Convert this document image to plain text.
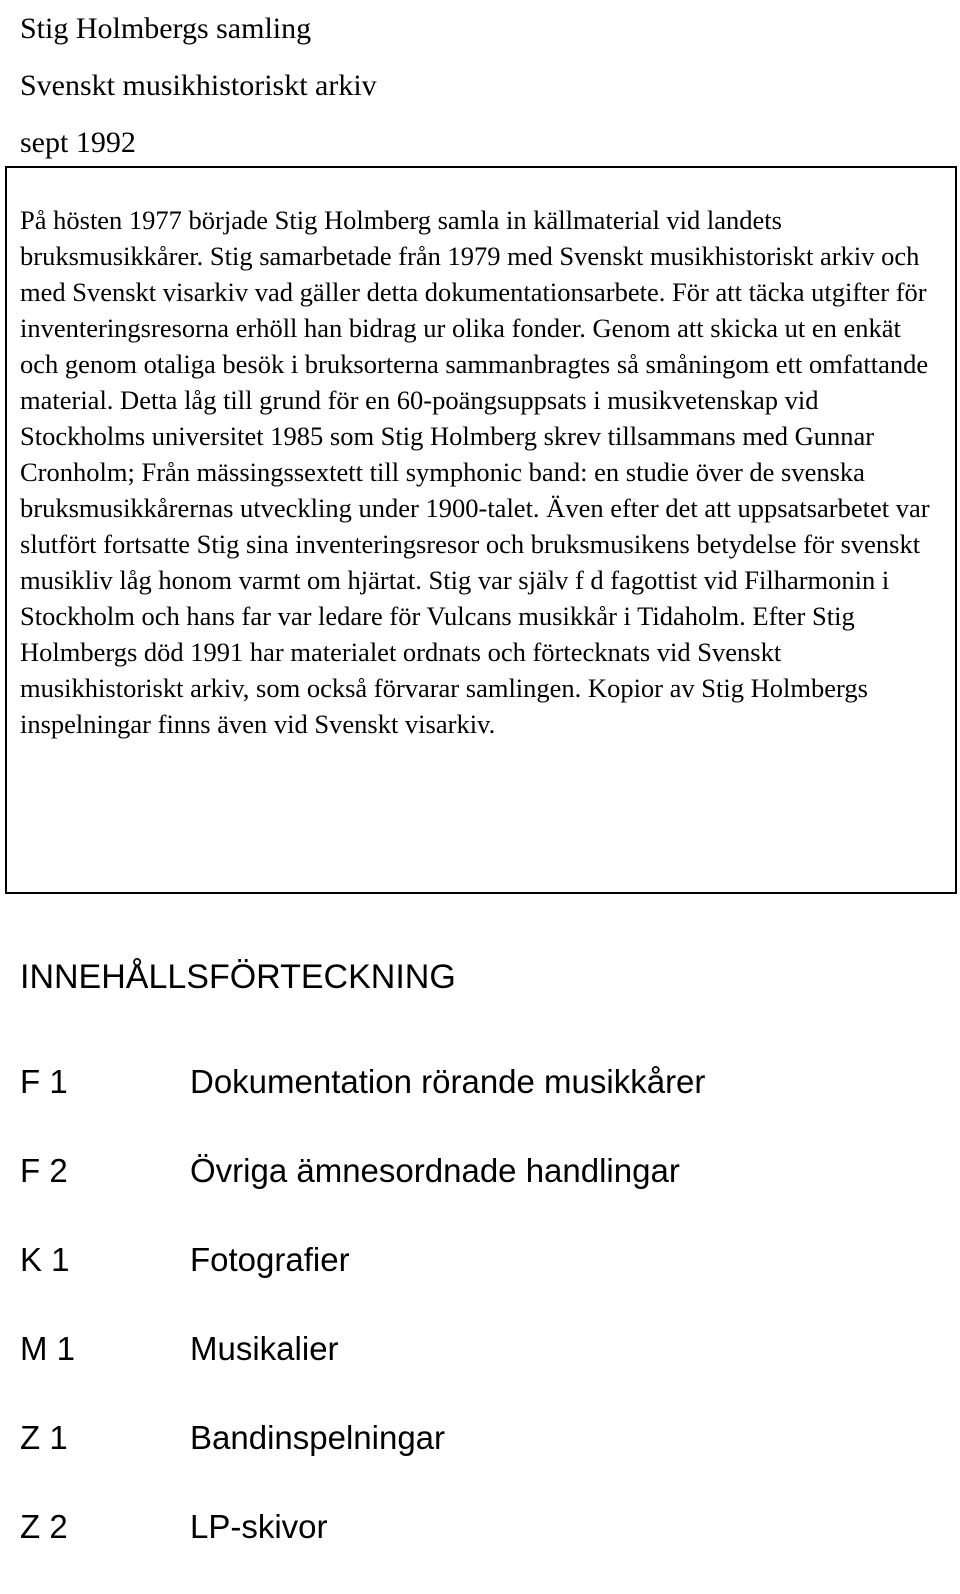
Stig Holmbergs samling
Svenskt musikhistoriskt arkiv
sept 1992

På hösten 1977 började Stig Holmberg samla in källmaterial vid landets bruksmusikkårer. Stig samarbetade från 1979 med Svenskt musikhistoriskt arkiv och med Svenskt visarkiv vad gäller detta dokumentationsarbete. För att täcka utgifter för inventeringsresorna erhöll han bidrag ur olika fonder. Genom att skicka ut en enkät och genom otaliga besök i bruksorterna sammanbragtes så småningom ett omfattande material. Detta låg till grund för en 60-poängsuppsats i musikvetenskap vid Stockholms universitet 1985 som Stig Holmberg skrev tillsammans med Gunnar Cronholm; Från mässingssextett till symphonic band: en studie över de svenska bruksmusikkårernas utveckling under 1900-talet. Även efter det att uppsatsarbetet var slutfört fortsatte Stig sina inventeringsresor och bruksmusikens betydelse för svenskt musikliv låg honom varmt om hjärtat. Stig var själv f d fagottist vid Filharmonin i Stockholm och hans far var ledare för Vulcans musikkår i Tidaholm. Efter Stig Holmbergs död 1991 har materialet ordnats och förtecknats vid Svenskt musikhistoriskt arkiv, som också förvarar samlingen. Kopior av Stig Holmbergs inspelningar finns även vid Svenskt visarkiv.

INNEHÅLLSFÖRTECKNING
F 1	Dokumentation rörande musikkårer
F 2	Övriga ämnesordnade handlingar
K 1	Fotografier
M 1	Musikalier
Z 1	Bandinspelningar
Z 2	LP-skivor
